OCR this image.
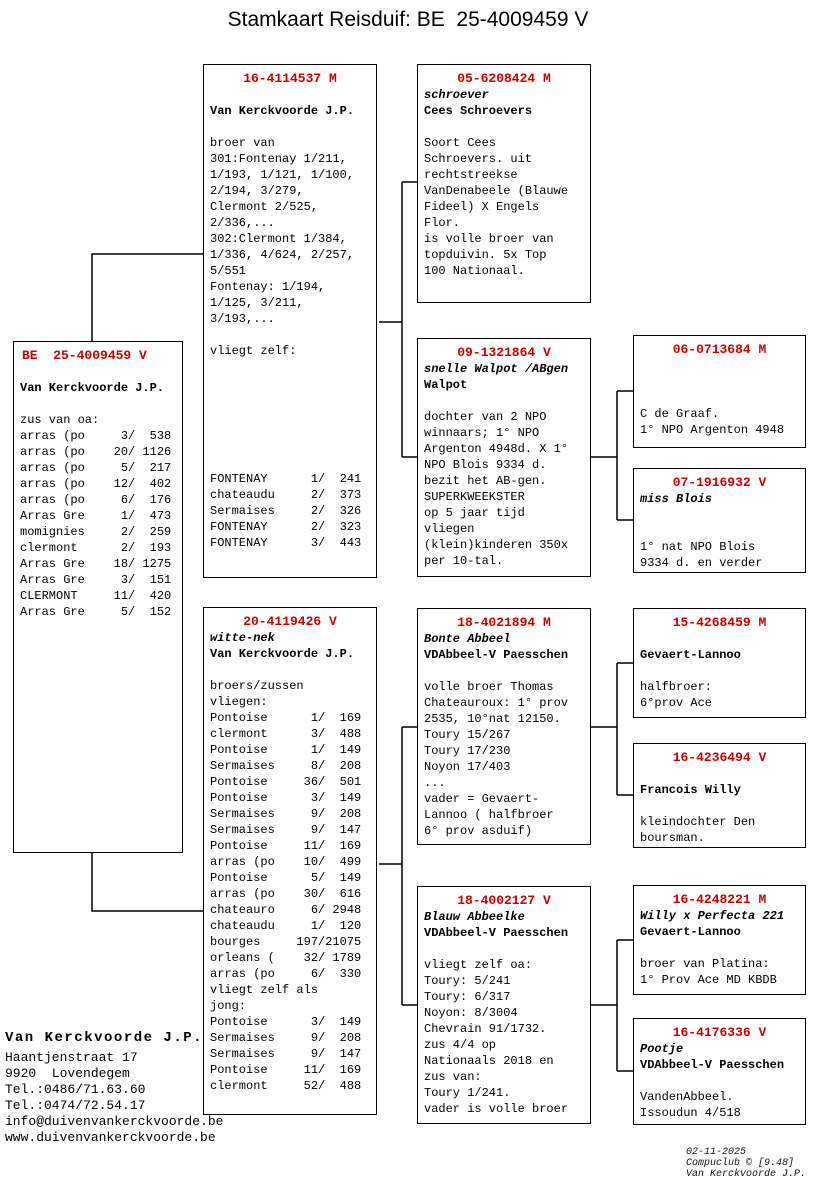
Stamkaart Reisduif: BE  25-4009459 V
BE  25-4009459 V

Van Kerckvoorde J.P.

zus van oa:
arras (po     3/  538
arras (po    20/ 1126
arras (po     5/  217
arras (po    12/  402
arras (po     6/  176
Arras Gre     1/  473
momignies     2/  259
clermont      2/  193
Arras Gre    18/ 1275
Arras Gre     3/  151
CLERMONT     11/  420
Arras Gre     5/  152
16-4114537 M

Van Kerckvoorde J.P.

broer van
301:Fontenay 1/211,
1/193, 1/121, 1/100,
2/194, 3/279,
Clermont 2/525,
2/336,...
302:Clermont 1/384,
1/336, 4/624, 2/257,
5/551
Fontenay: 1/194,
1/125, 3/211,
3/193,...

vliegt zelf:

FONTENAY      1/  241
chateaudu     2/  373
Sermaises     2/  326
FONTENAY      2/  323
FONTENAY      3/  443
20-4119426 V
witte-nek
Van Kerckvoorde J.P.

broers/zussen
vliegen:
Pontoise      1/  169
clermont      3/  488
Pontoise      1/  149
Sermaises     8/  208
Pontoise     36/  501
Pontoise      3/  149
Sermaises     9/  208
Sermaises     9/  147
Pontoise     11/  169
arras (po    10/  499
Pontoise      5/  149
arras (po    30/  616
chateauro     6/ 2948
chateaudu     1/  120
bourges     197/21075
orleans (    32/ 1789
arras (po     6/  330
vliegt zelf als
jong:
Pontoise      3/  149
Sermaises     9/  208
Sermaises     9/  147
Pontoise     11/  169
clermont     52/  488
05-6208424 M
schroever
Cees Schroevers

Soort Cees
Schroevers. uit
rechtstreekse
VanDenabeele (Blauwe
Fideel) X Engels
Flor.
is volle broer van
topduivin. 5x Top
100 Nationaal.
09-1321864 V
snelle Walpot /ABgen
Walpot

dochter van 2 NPO
winnaars; 1° NPO
Argenton 4948d. X 1°
NPO Blois 9334 d.
bezit het AB-gen.
SUPERKWEEKSTER
op 5 jaar tijd
vliegen
(klein)kinderen 350x
per 10-tal.
18-4021894 M
Bonte Abbeel
VDAbbeel-V Paesschen

volle broer Thomas
Chateauroux: 1° prov
2535, 10°nat 12150.
Toury 15/267
Toury 17/230
Noyon 17/403
...
vader = Gevaert-
Lannoo ( halfbroer
6° prov asduif)
18-4002127 V
Blauw Abbeelke
VDAbbeel-V Paesschen

vliegt zelf oa:
Toury: 5/241
Toury: 6/317
Noyon: 8/3004
Chevrain 91/1732.
zus 4/4 op
Nationaals 2018 en
zus van:
Toury 1/241.
vader is volle broer
06-0713684 M

C de Graaf.
1° NPO Argenton 4948
07-1916932 V
miss Blois

1° nat NPO Blois
9334 d. en verder
15-4268459 M

Gevaert-Lannoo

halfbroer:
6°prov Ace
16-4236494 V

Francois Willy

kleindochter Den
boursman.
16-4248221 M
Willy x Perfecta 221
Gevaert-Lannoo

broer van Platina:
1° Prov Ace MD KBDB
16-4176336 V
Pootje
VDAbbeel-V Paesschen

VandenAbbeel.
Issoudun 4/518
Van Kerckvoorde J.P.
Haantjenstraat 17
9920  Lovendegem
Tel.:0486/71.63.60
Tel.:0474/72.54.17
info@duivenvankerckvoorde.be
www.duivenvankerckvoorde.be

02-11-2025
Compuclub © [9.48]
Van Kerckvoorde J.P.
